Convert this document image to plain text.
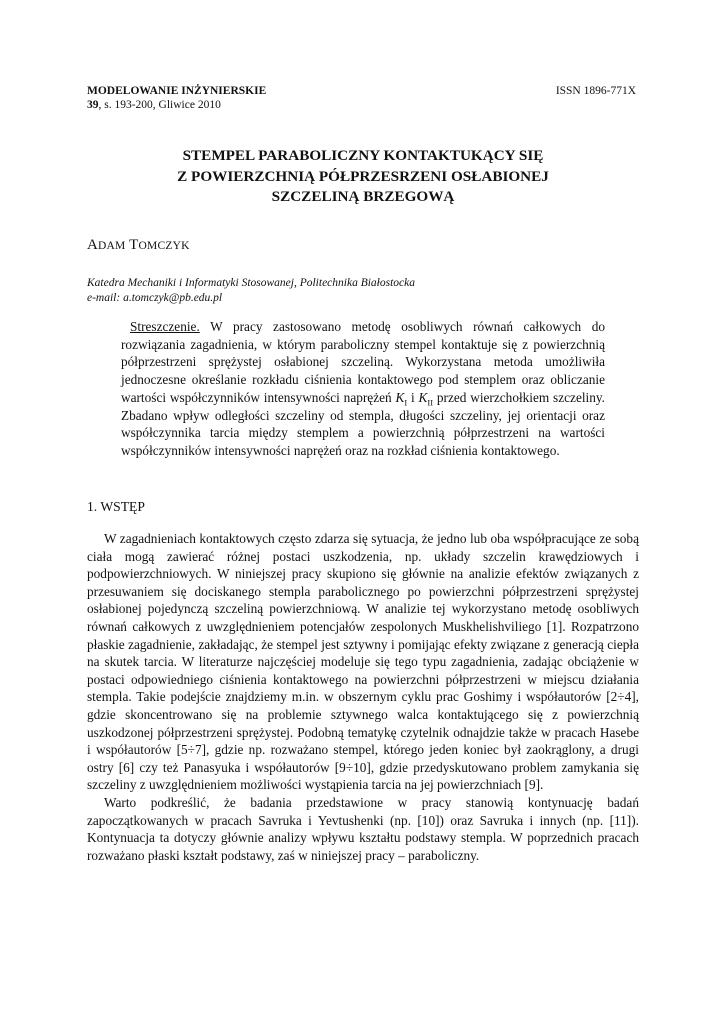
MODELOWANIE INŻYNIERSKIE
39, s. 193-200, Gliwice 2010
ISSN 1896-771X
STEMPEL PARABOLICZNY KONTAKTUKĄCY SIĘ
Z POWIERZCHNIĄ PÓŁPRZESRZENI OSŁABIONEJ
SZCZELINĄ BRZEGOWĄ
ADAM TOMCZYK
Katedra Mechaniki i Informatyki Stosowanej, Politechnika Białostocka
e-mail: a.tomczyk@pb.edu.pl
Streszczenie. W pracy zastosowano metodę osobliwych równań całkowych do rozwiązania zagadnienia, w którym paraboliczny stempel kontaktuje się z powierzchnią półprzestrzeni sprężystej osłabionej szczeliną. Wykorzystana metoda umożliwiła jednoczesne określanie rozkładu ciśnienia kontaktowego pod stemplem oraz obliczanie wartości współczynników intensywności naprężeń $K_I$ i $K_{II}$ przed wierzchołkiem szczeliny. Zbadano wpływ odległości szczeliny od stempla, długości szczeliny, jej orientacji oraz współczynnika tarcia między stemplem a powierzchnią półprzestrzeni na wartości współczynników intensywności naprężeń oraz na rozkład ciśnienia kontaktowego.
1. WSTĘP

W zagadnieniach kontaktowych często zdarza się sytuacja, że jedno lub oba współpracujące ze sobą ciała mogą zawierać różnej postaci uszkodzenia, np. układy szczelin krawędziowych i podpowierzchniowych. W niniejszej pracy skupiono się głównie na analizie efektów związanych z przesuwaniem się dociskanego stempla parabolicznego po powierzchni półprzestrzeni sprężystej osłabionej pojedynczą szczeliną powierzchniową. W analizie tej wykorzystano metodę osobliwych równań całkowych z uwzględnieniem potencjałów zespolonych Muskhelishviliego [1]. Rozpatrzono płaskie zagadnienie, zakładając, że stempel jest sztywny i pomijając efekty związane z generacją ciepła na skutek tarcia. W literaturze najczęściej modeluje się tego typu zagadnienia, zadając obciążenie w postaci odpowiedniego ciśnienia kontaktowego na powierzchni półprzestrzeni w miejscu działania stempla. Takie podejście znajdziemy m.in. w obszernym cyklu prac Goshimy i współautorów [2÷4], gdzie skoncentrowano się na problemie sztywnego walca kontaktującego się z powierzchnią uszkodzonej półprzestrzeni sprężystej. Podobną tematykę czytelnik odnajdzie także w pracach Hasebe i współautorów [5÷7], gdzie np. rozważano stempel, którego jeden koniec był zaokrąglony, a drugi ostry [6] czy też Panasyuka i współautorów [9÷10], gdzie przedyskutowano problem zamykania się szczeliny z uwzględnieniem możliwości wystąpienia tarcia na jej powierzchniach [9].

Warto podkreślić, że badania przedstawione w pracy stanowią kontynuację badań zapoczątkowanych w pracach Savruka i Yevtushenki (np. [10]) oraz Savruka i innych (np. [11]). Kontynuacja ta dotyczy głównie analizy wpływu kształtu podstawy stempla. W poprzednich pracach rozważano płaski kształt podstawy, zaś w niniejszej pracy – paraboliczny.
